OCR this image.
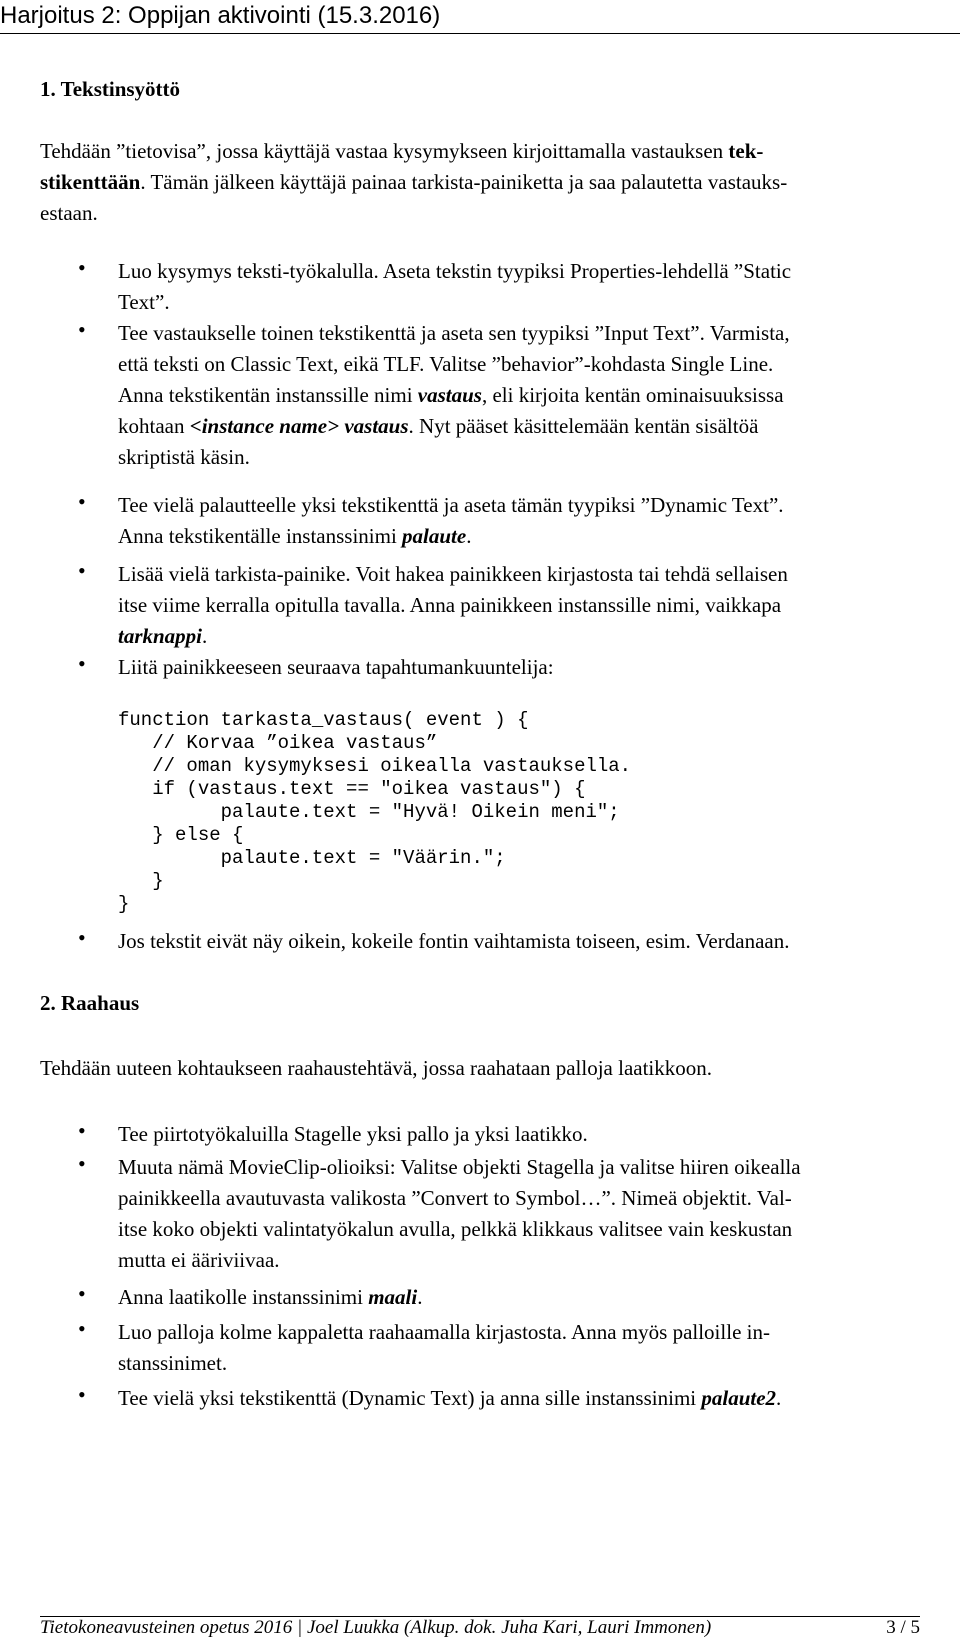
Harjoitus 2: Oppijan aktivointi (15.3.2016)
1. Tekstinsyöttö
Tehdään ”tietovisa”, jossa käyttäjä vastaa kysymykseen kirjoittamalla vastauksen tek-
stikenttään. Tämän jälkeen käyttäjä painaa tarkista-painiketta ja saa palautetta vastauks-
estaan.
• Luo kysymys teksti-työkalulla. Aseta tekstin tyypiksi Properties-lehdellä ”Static
Text”.
• Tee vastaukselle toinen tekstikenttä ja aseta sen tyypiksi ”Input Text”. Varmista,
että teksti on Classic Text, eikä TLF. Valitse ”behavior”-kohdasta Single Line.
Anna tekstikentän instanssille nimi vastaus, eli kirjoita kentän ominaisuuksissa
kohtaan <instance name> vastaus. Nyt pääset käsittelemään kentän sisältöä
skriptistä käsin.
• Tee vielä palautteelle yksi tekstikenttä ja aseta tämän tyypiksi ”Dynamic Text”.
Anna tekstikentälle instanssinimi palaute.
• Lisää vielä tarkista-painike. Voit hakea painikkeen kirjastosta tai tehdä sellaisen
itse viime kerralla opitulla tavalla. Anna painikkeen instanssille nimi, vaikkapa
tarknappi.
• Liitä painikkeeseen seuraava tapahtumankuuntelija:
function tarkasta_vastaus( event ) {
// Korvaa ”oikea vastaus”
// oman kysymyksesi oikealla vastauksella.
if (vastaus.text == "oikea vastaus") {
palaute.text = "Hyvä! Oikein meni";
} else {
palaute.text = "Väärin.";
}
}
• Jos tekstit eivät näy oikein, kokeile fontin vaihtamista toiseen, esim. Verdanaan.
2. Raahaus
Tehdään uuteen kohtaukseen raahaustehtävä, jossa raahataan palloja laatikkoon.
• Tee piirtotyökaluilla Stagelle yksi pallo ja yksi laatikko.
• Muuta nämä MovieClip-olioiksi: Valitse objekti Stagella ja valitse hiiren oikealla
painikkeella avautuvasta valikosta ”Convert to Symbol…”. Nimeä objektit. Val-
itse koko objekti valintatyökalun avulla, pelkkä klikkaus valitsee vain keskustan
mutta ei ääriviivaa.
• Anna laatikolle instanssinimi maali.
• Luo palloja kolme kappaletta raahaamalla kirjastosta. Anna myös palloille in-
stanssinimet.
• Tee vielä yksi tekstikenttä (Dynamic Text) ja anna sille instanssinimi palaute2.
Tietokoneavusteinen opetus 2016 | Joel Luukka (Alkup. dok. Juha Kari, Lauri Immonen)	3 / 5
